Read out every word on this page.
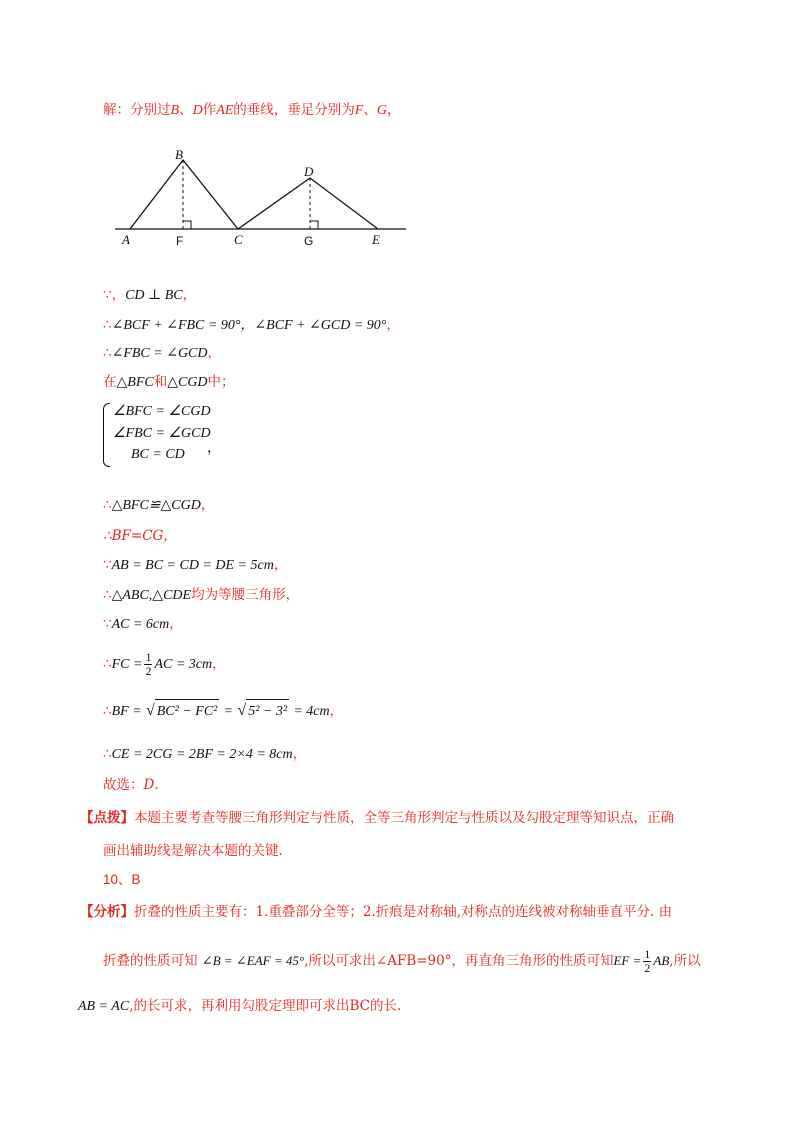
解：分别过B、D作AE的垂线，垂足分别为F、G，
A
B
C
D
E
F	G
∵，CD ⊥ BC，
∴∠BCF + ∠FBC = 90°，∠BCF + ∠GCD = 90°，
∴∠FBC = ∠GCD，
在△BFC和△CGD中；
∠BFC = ∠CGD
∠FBC = ∠GCD
BC = CD ，
∴△BFC≌△CGD，
∴BF=CG，
∵AB = BC = CD = DE = 5cm，
∴△ABC,△CDE均为等腰三角形，
∵AC = 6cm，
∴FC = $\frac{1}{2}$ AC = 3cm，
∴BF = √ BC² − FC² = √ 5² − 3² = 4cm，
∴CE = 2CG = 2BF = 2×4 = 8cm，
故选：D.
【点拨】本题主要考查等腰三角形判定与性质，全等三角形判定与性质以及勾股定理等知识点，正确
画出辅助线是解决本题的关键.
10、B
【分析】折叠的性质主要有：1.重叠部分全等；2.折痕是对称轴,对称点的连线被对称轴垂直平分. 由
折叠的性质可知 ∠B = ∠EAF = 45°,所以可求出∠AFB=90°，再直角三角形的性质可知EF = $\frac{1}{2}$ AB,所以
AB = AC,的长可求，再利用勾股定理即可求出BC的长.
